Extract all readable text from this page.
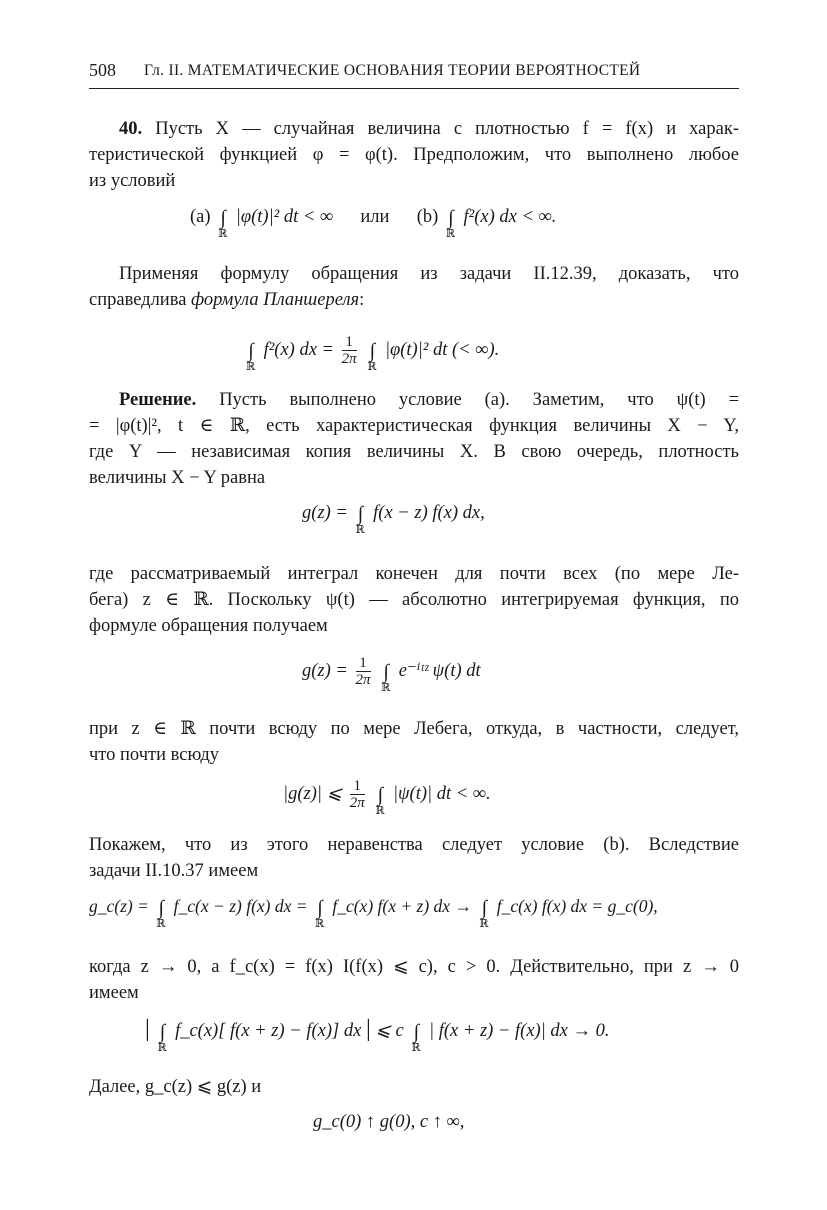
508 Гл. II. МАТЕМАТИЧЕСКИЕ ОСНОВАНИЯ ТЕОРИИ ВЕРОЯТНОСТЕЙ
40. Пусть X — случайная величина с плотностью f = f(x) и харак-
теристической функцией φ = φ(t). Предположим, что выполнено любое
из условий
(a) ∫
ℝ
|φ(t)|² dt < ∞ или (b) ∫
ℝ
f²(x) dx < ∞.
Применяя формулу обращения из задачи II.12.39, доказать, что
справедлива формула Планшереля:
∫
ℝ
f²(x) dx = $\frac{1}{2\pi}$ ∫
ℝ
|φ(t)|² dt (< ∞).
Решение. Пусть выполнено условие (a). Заметим, что ψ(t) =
= |φ(t)|², t ∈ ℝ, есть характеристическая функция величины X − Y,
где Y — независимая копия величины X. В свою очередь, плотность
величины X − Y равна
g(z) = ∫
ℝ
f(x − z) f(x) dx,
где рассматриваемый интеграл конечен для почти всех (по мере Ле-
бега) z ∈ ℝ. Поскольку ψ(t) — абсолютно интегрируемая функция, по
формуле обращения получаем
$g(z) = \frac{1}{2\pi}$ ∫
ℝ
e⁻ⁱᵗᶻ ψ(t) dt
при z ∈ ℝ почти всюду по мере Лебега, откуда, в частности, следует,
что почти всюду
|g(z)| ⩽ $\frac{1}{2\pi}$ ∫
ℝ
|ψ(t)| dt < ∞.
Покажем, что из этого неравенства следует условие (b). Вследствие
задачи II.10.37 имеем
g_c(z) = ∫
ℝ
f_c(x − z) f(x) dx = ∫
ℝ
f_c(x) f(x + z) dx → ∫
ℝ
f_c(x) f(x) dx = g_c(0),
когда z → 0, а f_c(x) = f(x) I(f(x) ⩽ c), c > 0. Действительно, при z → 0
имеем
| ∫
ℝ
f_c(x)[ f(x + z) − f(x)] dx | ⩽ c ∫
ℝ
| f(x + z) − f(x)| dx → 0.
Далее, g_c(z) ⩽ g(z) и
g_c(0) ↑ g(0), c ↑ ∞,
